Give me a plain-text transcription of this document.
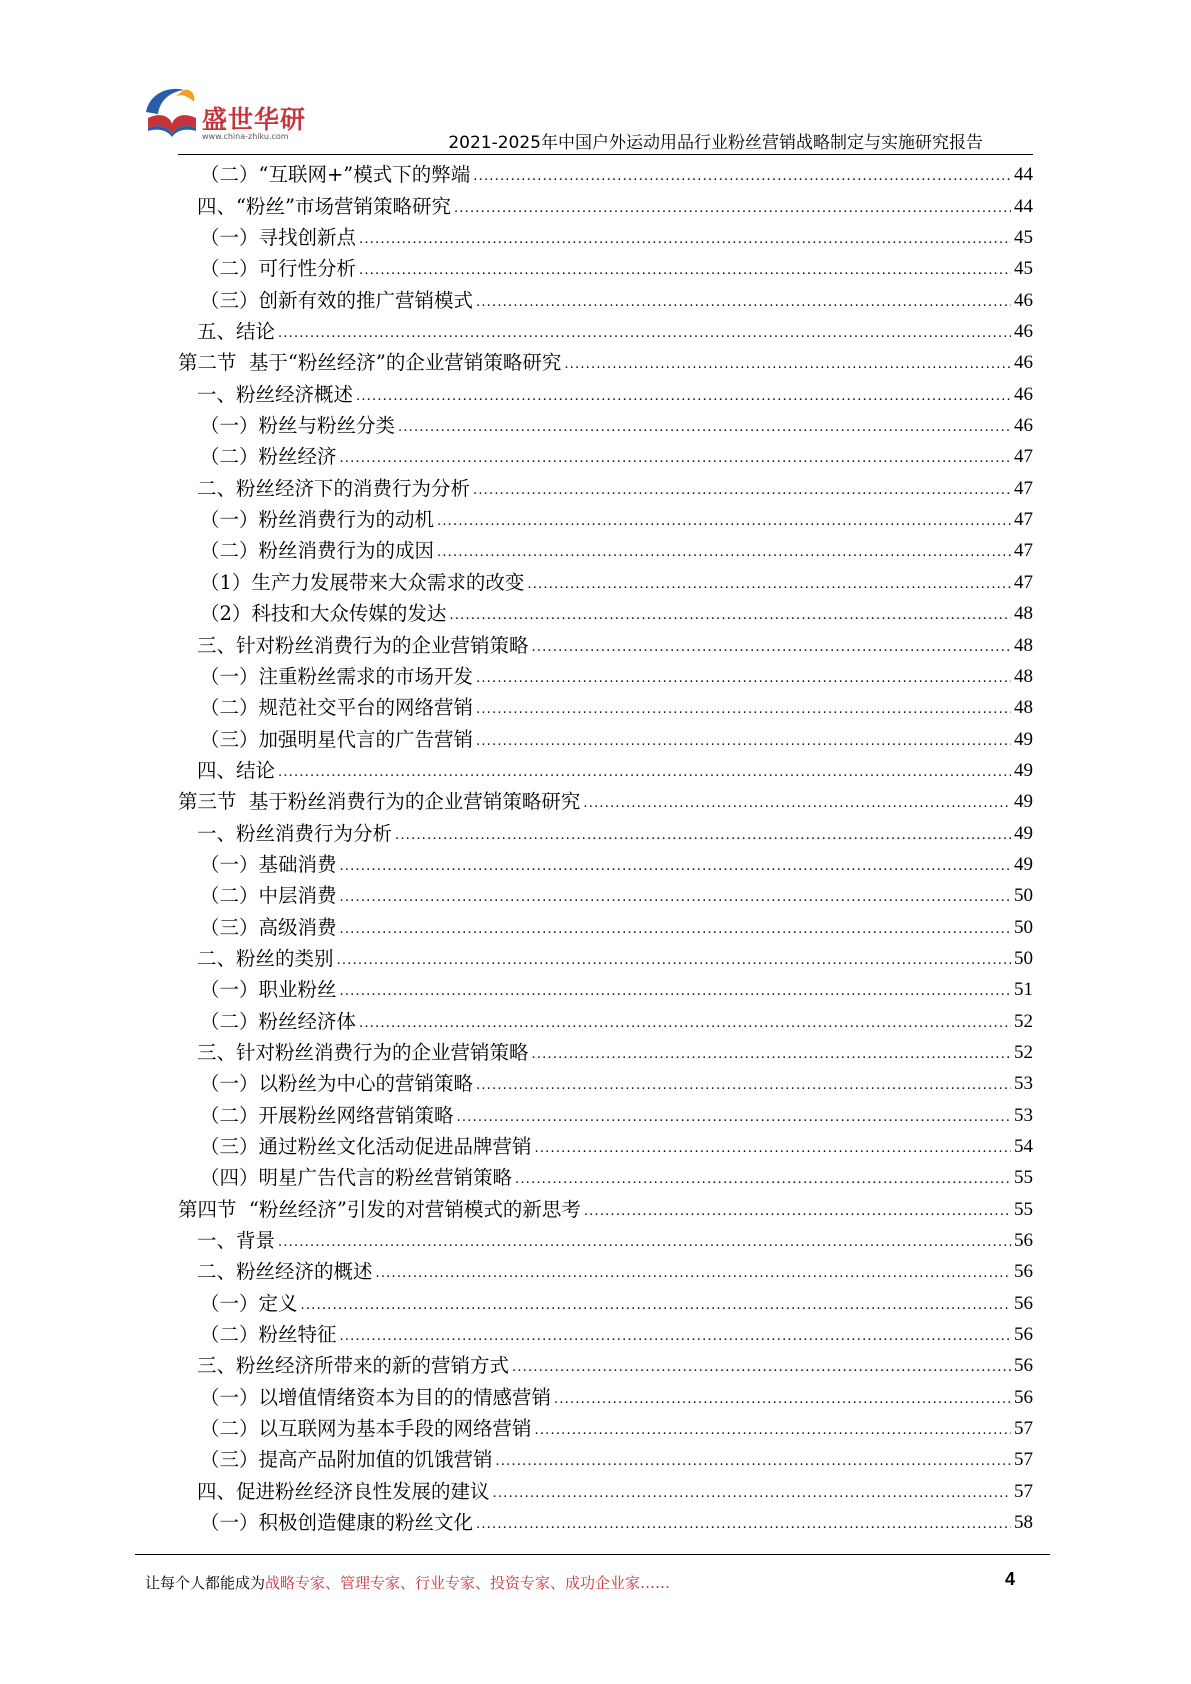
盛世华研
www.china-zhiku.com	2021-2025年中国户外运动用品行业粉丝营销战略制定与实施研究报告
（二）“互联网+”模式下的弊端 .....	44
四、“粉丝”市场营销策略研究 .....	44
（一）寻找创新点 .....	45
（二）可行性分析 .....	45
（三）创新有效的推广营销模式 .....	46
五、结论 .....	46
第二节  基于“粉丝经济”的企业营销策略研究 .....	46
一、粉丝经济概述 .....	46
（一）粉丝与粉丝分类 .....	46
（二）粉丝经济 .....	47
二、粉丝经济下的消费行为分析 .....	47
（一）粉丝消费行为的动机 .....	47
（二）粉丝消费行为的成因 .....	47
（1）生产力发展带来大众需求的改变 .....	47
（2）科技和大众传媒的发达 .....	48
三、针对粉丝消费行为的企业营销策略 .....	48
（一）注重粉丝需求的市场开发 .....	48
（二）规范社交平台的网络营销 .....	48
（三）加强明星代言的广告营销 .....	49
四、结论 .....	49
第三节  基于粉丝消费行为的企业营销策略研究 .....	49
一、粉丝消费行为分析 .....	49
（一）基础消费 .....	49
（二）中层消费 .....	50
（三）高级消费 .....	50
二、粉丝的类别 .....	50
（一）职业粉丝 .....	51
（二）粉丝经济体 .....	52
三、针对粉丝消费行为的企业营销策略 .....	52
（一）以粉丝为中心的营销策略 .....	53
（二）开展粉丝网络营销策略 .....	53
（三）通过粉丝文化活动促进品牌营销 .....	54
（四）明星广告代言的粉丝营销策略 .....	55
第四节  “粉丝经济”引发的对营销模式的新思考 .....	55
一、背景 .....	56
二、粉丝经济的概述 .....	56
（一）定义 .....	56
（二）粉丝特征 .....	56
三、粉丝经济所带来的新的营销方式 .....	56
（一）以增值情绪资本为目的的情感营销 .....	56
（二）以互联网为基本手段的网络营销 .....	57
（三）提高产品附加值的饥饿营销 .....	57
四、促进粉丝经济良性发展的建议 .....	57
（一）积极创造健康的粉丝文化 .....	58
让每个人都能成为战略专家、管理专家、行业专家、投资专家、成功企业家……	4
